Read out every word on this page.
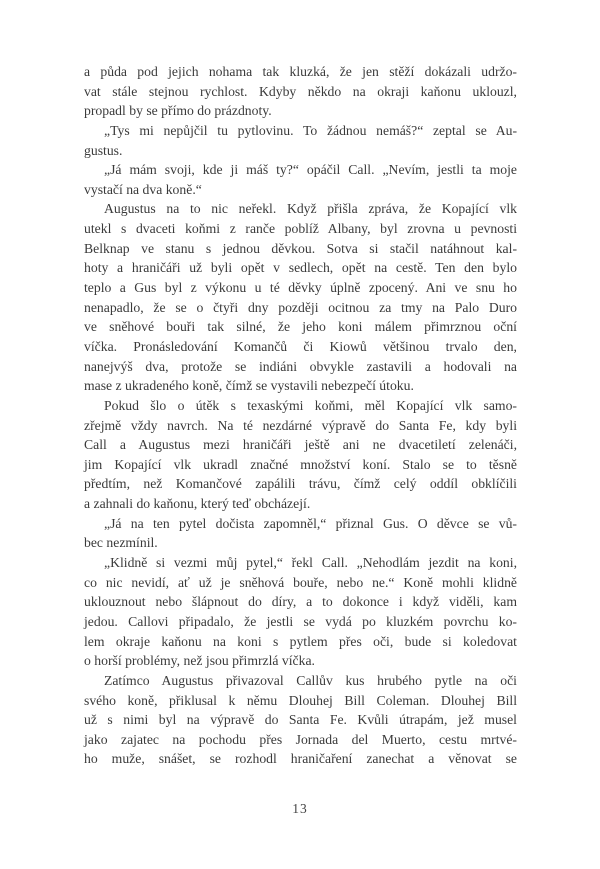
a půda pod jejich nohama tak kluzká, že jen stěží dokázali udržo-
vat stále stejnou rychlost. Kdyby někdo na okraji kaňonu uklouzl,
propadl by se přímo do prázdnoty.
„Tys mi nepůjčil tu pytlovinu. To žádnou nemáš?“ zeptal se Au-
gustus.
„Já mám svoji, kde ji máš ty?“ opáčil Call. „Nevím, jestli ta moje
vystačí na dva koně.“
Augustus na to nic neřekl. Když přišla zpráva, že Kopající vlk
utekl s dvaceti koňmi z ranče poblíž Albany, byl zrovna u pevnosti
Belknap ve stanu s jednou děvkou. Sotva si stačil natáhnout kal-
hoty a hraničáři už byli opět v sedlech, opět na cestě. Ten den bylo
teplo a Gus byl z výkonu u té děvky úplně zpocený. Ani ve snu ho
nenapadlo, že se o čtyři dny později ocitnou za tmy na Palo Duro
ve sněhové bouři tak silné, že jeho koni málem přimrznou oční
víčka. Pronásledování Komančů či Kiowů většinou trvalo den,
nanejvýš dva, protože se indiáni obvykle zastavili a hodovali na
mase z ukradeného koně, čímž se vystavili nebezpečí útoku.
Pokud šlo o útěk s texaskými koňmi, měl Kopající vlk samo-
zřejmě vždy navrch. Na té nezdárné výpravě do Santa Fe, kdy byli
Call a Augustus mezi hraničáři ještě ani ne dvacetiletí zelenáči,
jim Kopající vlk ukradl značné množství koní. Stalo se to těsně
předtím, než Komančové zapálili trávu, čímž celý oddíl obklíčili
a zahnali do kaňonu, který teď obcházejí.
„Já na ten pytel dočista zapomněl,“ přiznal Gus. O děvce se vů-
bec nezmínil.
„Klidně si vezmi můj pytel,“ řekl Call. „Nehodlám jezdit na koni,
co nic nevidí, ať už je sněhová bouře, nebo ne.“ Koně mohli klidně
uklouznout nebo šlápnout do díry, a to dokonce i když viděli, kam
jedou. Callovi připadalo, že jestli se vydá po kluzkém povrchu ko-
lem okraje kaňonu na koni s pytlem přes oči, bude si koledovat
o horší problémy, než jsou přimrzlá víčka.
Zatímco Augustus přivazoval Callův kus hrubého pytle na oči
svého koně, přiklusal k němu Dlouhej Bill Coleman. Dlouhej Bill
už s nimi byl na výpravě do Santa Fe. Kvůli útrapám, jež musel
jako zajatec na pochodu přes Jornada del Muerto, cestu mrtvé-
ho muže, snášet, se rozhodl hraničaření zanechat a věnovat se
13
